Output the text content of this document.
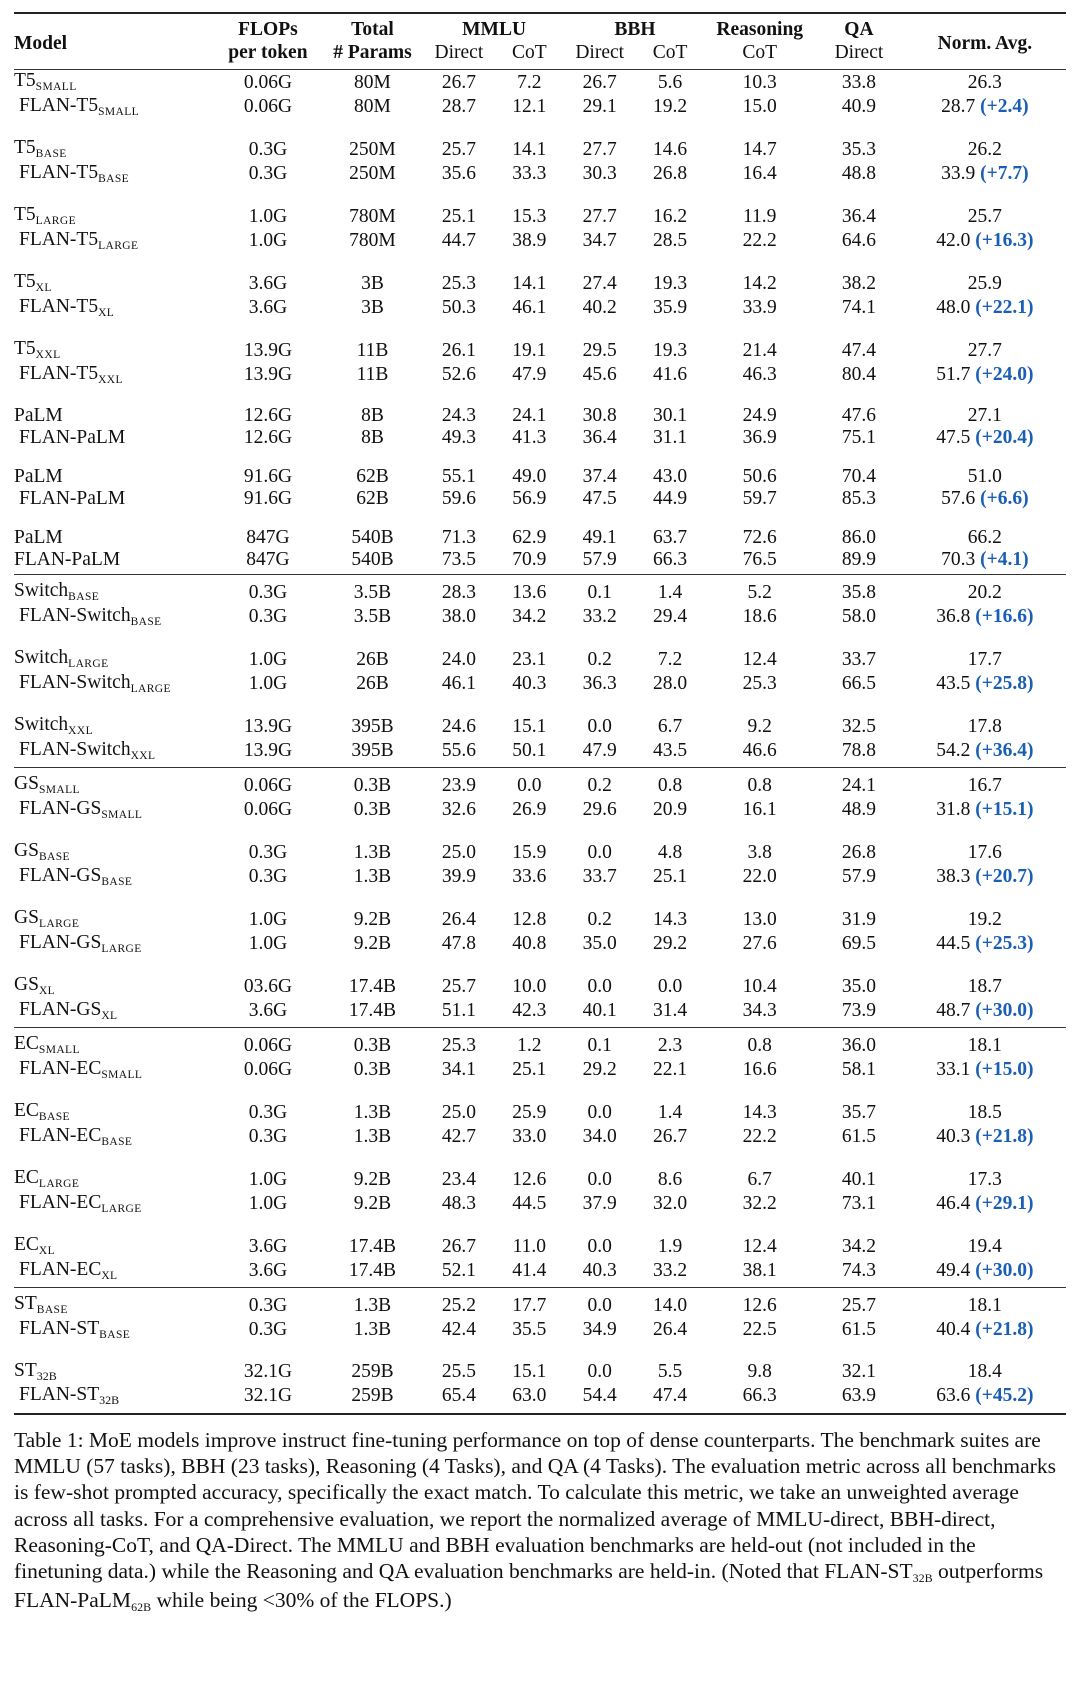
Model	FLOPs	Total	MMLU		BBH		Reasoning	QA	Norm. Avg.
	per token	# Params	Direct	CoT	Direct	CoT	CoT	Direct	
$T5_{SMALL}$	0.06G	80M	26.7	7.2	26.7	5.6	10.3	33.8	26.3
FLAN-$T5_{SMALL}$	0.06G	80M	28.7	12.1	29.1	19.2	15.0	40.9	28.7 (+2.4)
$T5_{BASE}$	0.3G	250M	25.7	14.1	27.7	14.6	14.7	35.3	26.2
FLAN-$T5_{BASE}$	0.3G	250M	35.6	33.3	30.3	26.8	16.4	48.8	33.9 (+7.7)
$T5_{LARGE}$	1.0G	780M	25.1	15.3	27.7	16.2	11.9	36.4	25.7
FLAN-$T5_{LARGE}$	1.0G	780M	44.7	38.9	34.7	28.5	22.2	64.6	42.0 (+16.3)
$T5_{XL}$	3.6G	3B	25.3	14.1	27.4	19.3	14.2	38.2	25.9
FLAN-$T5_{XL}$	3.6G	3B	50.3	46.1	40.2	35.9	33.9	74.1	48.0 (+22.1)
$T5_{XXL}$	13.9G	11B	26.1	19.1	29.5	19.3	21.4	47.4	27.7
FLAN-$T5_{XXL}$	13.9G	11B	52.6	47.9	45.6	41.6	46.3	80.4	51.7 (+24.0)
PaLM	12.6G	8B	24.3	24.1	30.8	30.1	24.9	47.6	27.1
FLAN-PaLM	12.6G	8B	49.3	41.3	36.4	31.1	36.9	75.1	47.5 (+20.4)
PaLM	91.6G	62B	55.1	49.0	37.4	43.0	50.6	70.4	51.0
FLAN-PaLM	91.6G	62B	59.6	56.9	47.5	44.9	59.7	85.3	57.6 (+6.6)
PaLM	847G	540B	71.3	62.9	49.1	63.7	72.6	86.0	66.2
FLAN-PaLM	847G	540B	73.5	70.9	57.9	66.3	76.5	89.9	70.3 (+4.1)
Switch$_{BASE}$	0.3G	3.5B	28.3	13.6	0.1	1.4	5.2	35.8	20.2
FLAN-Switch$_{BASE}$	0.3G	3.5B	38.0	34.2	33.2	29.4	18.6	58.0	36.8 (+16.6)
Switch$_{LARGE}$	1.0G	26B	24.0	23.1	0.2	7.2	12.4	33.7	17.7
FLAN-Switch$_{LARGE}$	1.0G	26B	46.1	40.3	36.3	28.0	25.3	66.5	43.5 (+25.8)
Switch$_{XXL}$	13.9G	395B	24.6	15.1	0.0	6.7	9.2	32.5	17.8
FLAN-Switch$_{XXL}$	13.9G	395B	55.6	50.1	47.9	43.5	46.6	78.8	54.2 (+36.4)
$GS_{SMALL}$	0.06G	0.3B	23.9	0.0	0.2	0.8	0.8	24.1	16.7
FLAN-$GS_{SMALL}$	0.06G	0.3B	32.6	26.9	29.6	20.9	16.1	48.9	31.8 (+15.1)
$GS_{BASE}$	0.3G	1.3B	25.0	15.9	0.0	4.8	3.8	26.8	17.6
FLAN-$GS_{BASE}$	0.3G	1.3B	39.9	33.6	33.7	25.1	22.0	57.9	38.3 (+20.7)
$GS_{LARGE}$	1.0G	9.2B	26.4	12.8	0.2	14.3	13.0	31.9	19.2
FLAN-$GS_{LARGE}$	1.0G	9.2B	47.8	40.8	35.0	29.2	27.6	69.5	44.5 (+25.3)
$GS_{XL}$	03.6G	17.4B	25.7	10.0	0.0	0.0	10.4	35.0	18.7
FLAN-$GS_{XL}$	3.6G	17.4B	51.1	42.3	40.1	31.4	34.3	73.9	48.7 (+30.0)
$EC_{SMALL}$	0.06G	0.3B	25.3	1.2	0.1	2.3	0.8	36.0	18.1
FLAN-$EC_{SMALL}$	0.06G	0.3B	34.1	25.1	29.2	22.1	16.6	58.1	33.1 (+15.0)
$EC_{BASE}$	0.3G	1.3B	25.0	25.9	0.0	1.4	14.3	35.7	18.5
FLAN-$EC_{BASE}$	0.3G	1.3B	42.7	33.0	34.0	26.7	22.2	61.5	40.3 (+21.8)
$EC_{LARGE}$	1.0G	9.2B	23.4	12.6	0.0	8.6	6.7	40.1	17.3
FLAN-$EC_{LARGE}$	1.0G	9.2B	48.3	44.5	37.9	32.0	32.2	73.1	46.4 (+29.1)
$EC_{XL}$	3.6G	17.4B	26.7	11.0	0.0	1.9	12.4	34.2	19.4
FLAN-$EC_{XL}$	3.6G	17.4B	52.1	41.4	40.3	33.2	38.1	74.3	49.4 (+30.0)
$ST_{BASE}$	0.3G	1.3B	25.2	17.7	0.0	14.0	12.6	25.7	18.1
FLAN-$ST_{BASE}$	0.3G	1.3B	42.4	35.5	34.9	26.4	22.5	61.5	40.4 (+21.8)
$ST_{32B}$	32.1G	259B	25.5	15.1	0.0	5.5	9.8	32.1	18.4
FLAN-$ST_{32B}$	32.1G	259B	65.4	63.0	54.4	47.4	66.3	63.9	63.6 (+45.2)

Table 1: MoE models improve instruct fine-tuning performance on top of dense counterparts. The benchmark suites are MMLU (57 tasks), BBH (23 tasks), Reasoning (4 Tasks), and QA (4 Tasks). The evaluation metric across all benchmarks is few-shot prompted accuracy, specifically the exact match. To calculate this metric, we take an unweighted average across all tasks. For a comprehensive evaluation, we report the normalized average of MMLU-direct, BBH-direct, Reasoning-CoT, and QA-Direct. The MMLU and BBH evaluation benchmarks are held-out (not included in the finetuning data.) while the Reasoning and QA evaluation benchmarks are held-in. (Noted that FLAN-ST32B outperforms FLAN-PaLM62B while being <30% of the FLOPS.)
